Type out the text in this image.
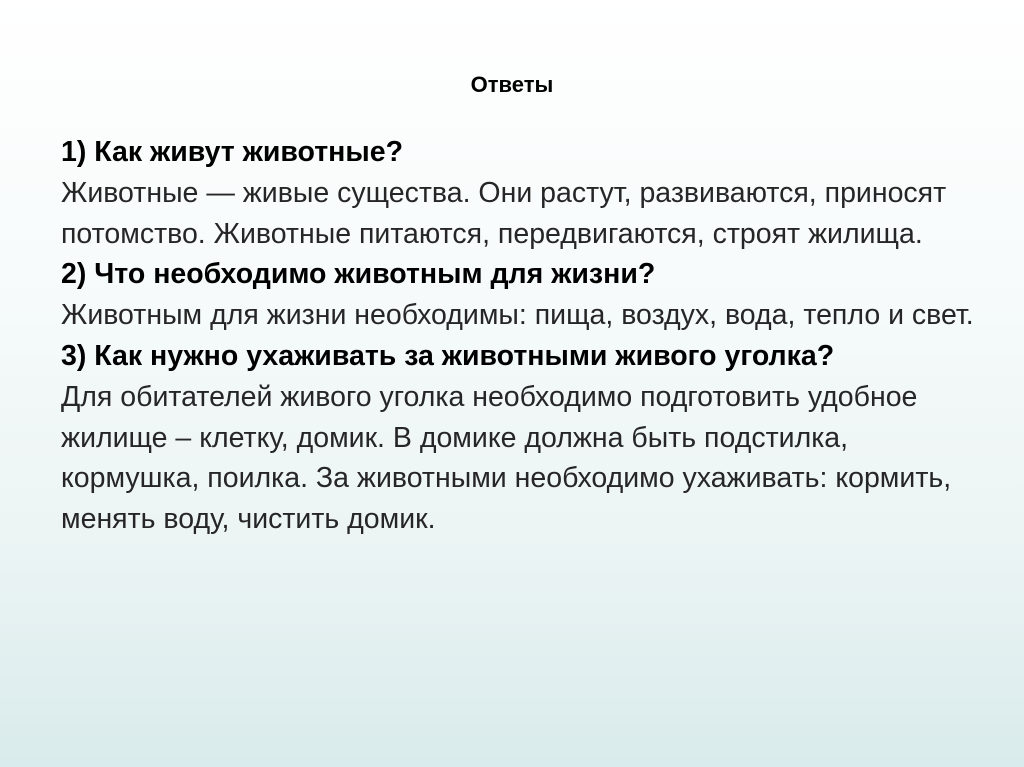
Ответы

1) Как живут животные?

Животные — живые существа. Они растут, развиваются, приносят потомство. Животные питаются, передвигаются, строят жилища.

2) Что необходимо животным для жизни?

Животным для жизни необходимы: пища, воздух, вода, тепло и свет.

3) Как нужно ухаживать за животными живого уголка?

Для обитателей живого уголка необходимо подготовить удобное жилище – клетку, домик. В домике должна быть подстилка, кормушка, поилка. За животными необходимо ухаживать: кормить, менять воду, чистить домик.
